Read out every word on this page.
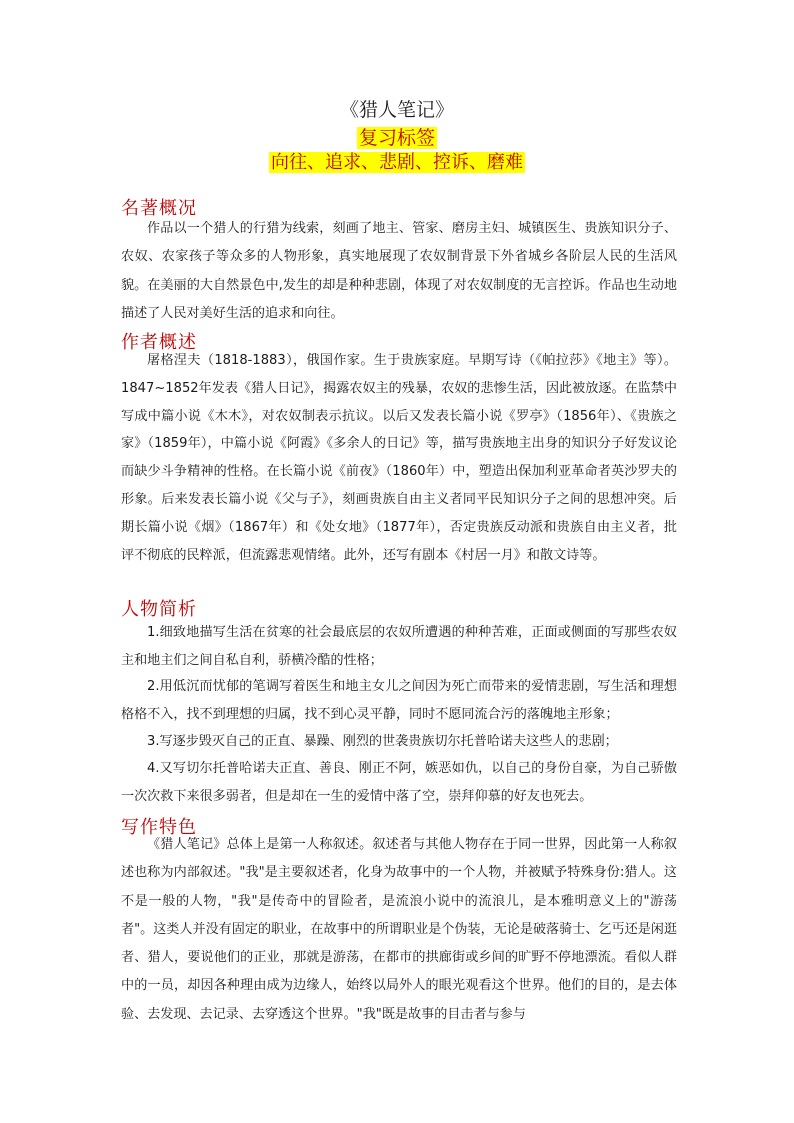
《猎人笔记》
复习标签
向往、追求、悲剧、控诉、磨难
名著概况

作品以一个猎人的行猎为线索，刻画了地主、管家、磨房主妇、城镇医生、贵族知识分子、农奴、农家孩子等众多的人物形象，真实地展现了农奴制背景下外省城乡各阶层人民的生活风貌。在美丽的大自然景色中,发生的却是种种悲剧，体现了对农奴制度的无言控诉。作品也生动地描述了人民对美好生活的追求和向往。

作者概述

屠格涅夫（1818-1883），俄国作家。生于贵族家庭。早期写诗（《帕拉莎》《地主》等）。1847~1852年发表《猎人日记》，揭露农奴主的残暴，农奴的悲惨生活，因此被放逐。在监禁中写成中篇小说《木木》，对农奴制表示抗议。以后又发表长篇小说《罗亭》（1856年）、《贵族之家》（1859年），中篇小说《阿霞》《多余人的日记》等，描写贵族地主出身的知识分子好发议论而缺少斗争精神的性格。在长篇小说《前夜》（1860年）中，塑造出保加利亚革命者英沙罗夫的形象。后来发表长篇小说《父与子》，刻画贵族自由主义者同平民知识分子之间的思想冲突。后期长篇小说《烟》（1867年）和《处女地》（1877年），否定贵族反动派和贵族自由主义者，批评不彻底的民粹派，但流露悲观情绪。此外，还写有剧本《村居一月》和散文诗等。

人物简析

1.细致地描写生活在贫寒的社会最底层的农奴所遭遇的种种苦难，正面或侧面的写那些农奴主和地主们之间自私自利，骄横冷酷的性格；

2.用低沉而忧郁的笔调写着医生和地主女儿之间因为死亡而带来的爱情悲剧，写生活和理想格格不入，找不到理想的归属，找不到心灵平静，同时不愿同流合污的落魄地主形象；

3.写逐步毁灭自己的正直、暴躁、刚烈的世袭贵族切尔托普哈诺夫这些人的悲剧；

4.又写切尔托普哈诺夫正直、善良、刚正不阿，嫉恶如仇，以自己的身份自豪，为自己骄傲一次次救下来很多弱者，但是却在一生的爱情中落了空，崇拜仰慕的好友也死去。

写作特色

《猎人笔记》总体上是第一人称叙述。叙述者与其他人物存在于同一世界，因此第一人称叙述也称为内部叙述。"我"是主要叙述者，化身为故事中的一个人物，并被赋予特殊身份:猎人。这不是一般的人物，"我"是传奇中的冒险者，是流浪小说中的流浪儿，是本雅明意义上的"游荡者"。这类人并没有固定的职业，在故事中的所谓职业是个伪装，无论是破落骑士、乞丐还是闲逛者、猎人，要说他们的正业，那就是游荡，在都市的拱廊街或乡间的旷野不停地漂流。看似人群中的一员，却因各种理由成为边缘人，始终以局外人的眼光观看这个世界。他们的目的，是去体验、去发现、去记录、去穿透这个世界。"我"既是故事的目击者与参与
